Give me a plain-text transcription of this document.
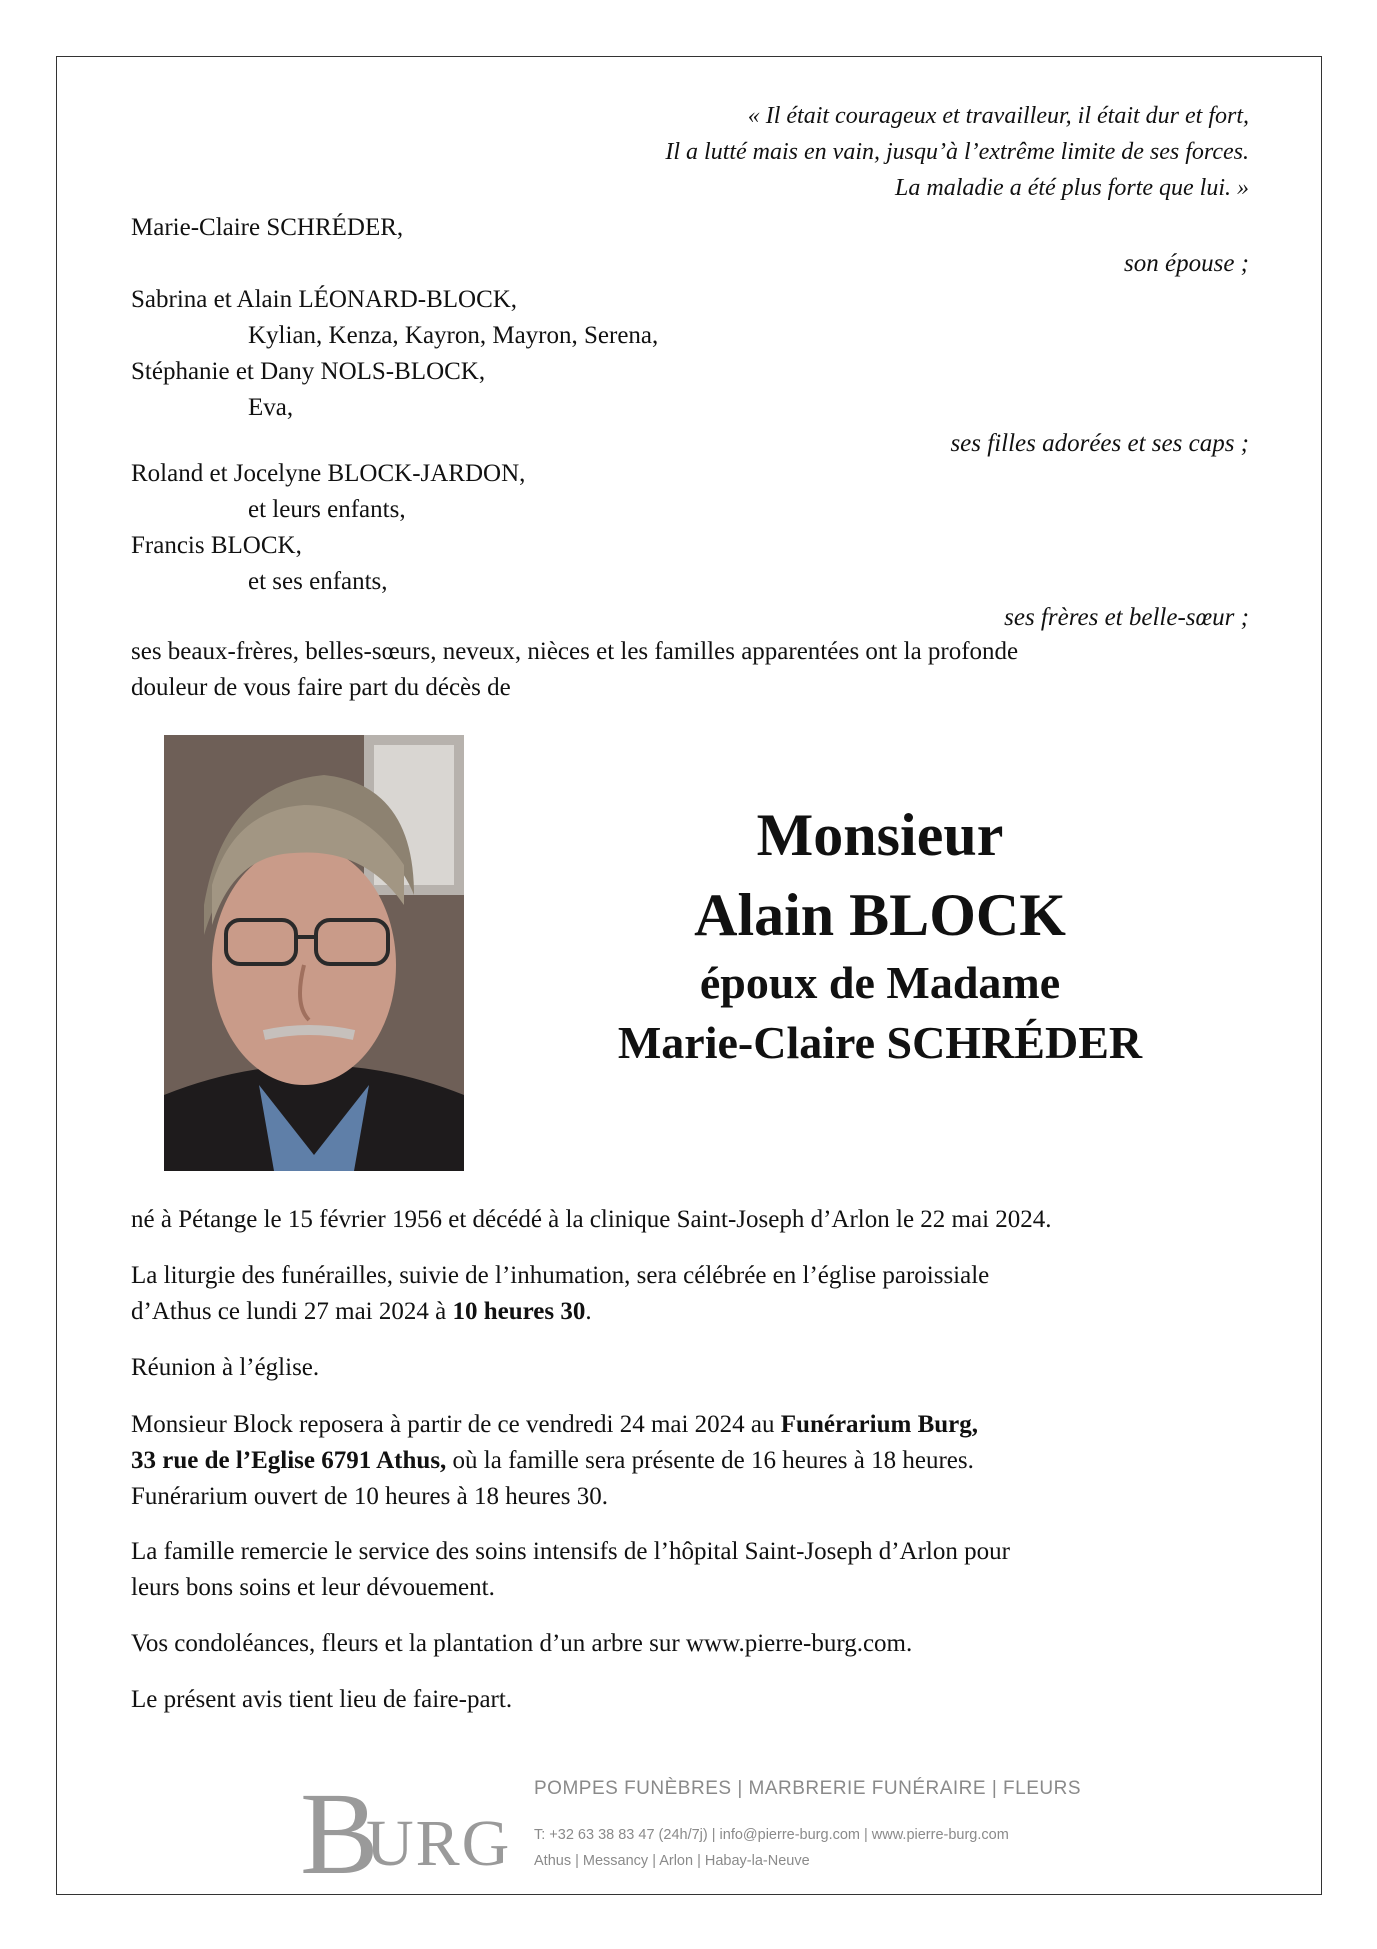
« Il était courageux et travailleur, il était dur et fort,
Il a lutté mais en vain, jusqu’à l’extrême limite de ses forces.
La maladie a été plus forte que lui. »
Marie-Claire SCHRÉDER,
son épouse ;
Sabrina et Alain LÉONARD-BLOCK,
Kylian, Kenza, Kayron, Mayron, Serena,
Stéphanie et Dany NOLS-BLOCK,
Eva,
ses filles adorées et ses caps ;
Roland et Jocelyne BLOCK-JARDON,
et leurs enfants,
Francis BLOCK,
et ses enfants,
ses frères et belle-sœur ;
ses beaux-frères, belles-sœurs, neveux, nièces et les familles apparentées ont la profonde
douleur de vous faire part du décès de
Monsieur
Alain BLOCK
époux de Madame
Marie-Claire SCHRÉDER
né à Pétange le 15 février 1956 et décédé à la clinique Saint-Joseph d’Arlon le 22 mai 2024.
La liturgie des funérailles, suivie de l’inhumation, sera célébrée en l’église paroissiale
d’Athus ce lundi 27 mai 2024 à 10 heures 30.
Réunion à l’église.
Monsieur Block reposera à partir de ce vendredi 24 mai 2024 au Funérarium Burg,
33 rue de l’Eglise 6791 Athus, où la famille sera présente de 16 heures à 18 heures.
Funérarium ouvert de 10 heures à 18 heures 30.
La famille remercie le service des soins intensifs de l’hôpital Saint-Joseph d’Arlon pour
leurs bons soins et leur dévouement.
Vos condoléances, fleurs et la plantation d’un arbre sur www.pierre-burg.com.
Le présent avis tient lieu de faire-part.
B
URG
POMPES FUNÈBRES | MARBRERIE FUNÉRAIRE | FLEURS
T: +32 63 38 83 47 (24h/7j) | info@pierre-burg.com | www.pierre-burg.com
Athus | Messancy | Arlon | Habay-la-Neuve
